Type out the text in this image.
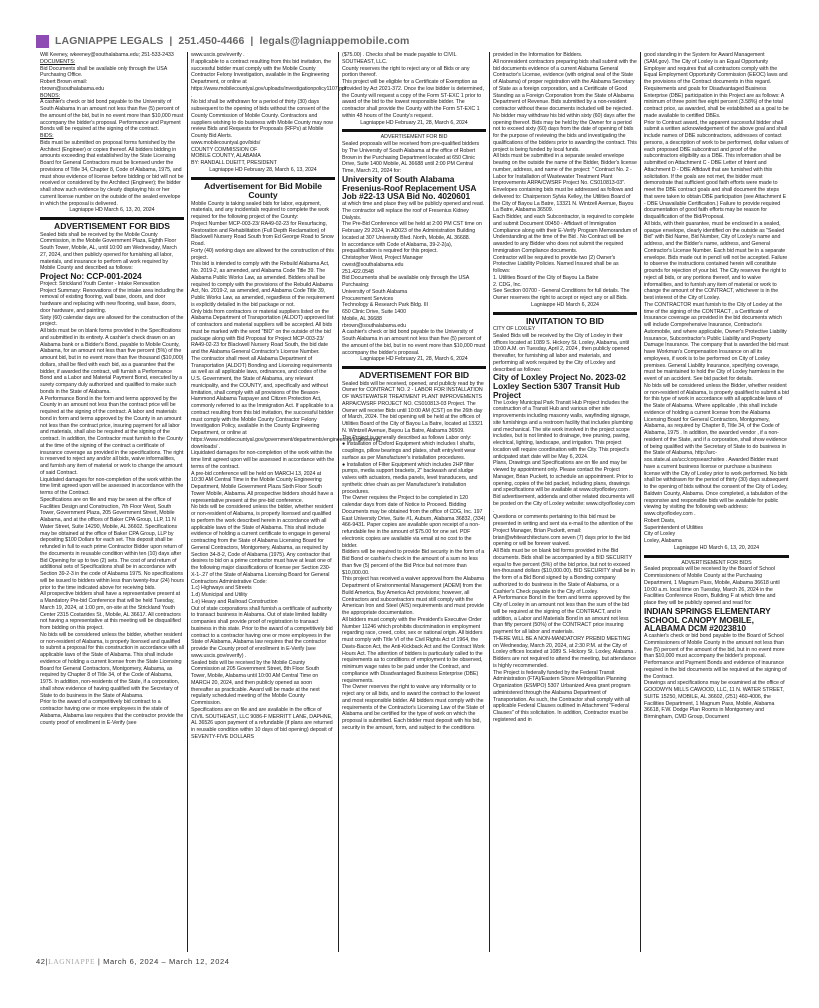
LAGNIAPPE LEGALS | 251.450-4466 | legals@lagniappemobile.com

Will Keeney, wkeeney@southalabama.edu; 251-533-2433

DOCUMENTS:

Bid Documents shall be available only through the USA Purchasing Office.

Robert Brown email:

rbrown@southalabama.edu

BONDS:

A cashier's check or bid bond payable to the University of South Alabama in an amount not less than five (5) percent of the amount of the bid, but in no event more than $10,000 must accompany the bidder's proposal. Performance and Payment Bonds will be required at the signing of the contract.

BIDS:

Bids must be submitted on proposal forms furnished by the Architect (Engineer) or copies thereof. All bidders bidding in amounts exceeding that established by the State Licensing Board for General Contractors must be licensed under the provisions of Title 34, Chapter 8, Code of Alabama, 1975, and must show evidence of license before bidding or bid will not be received or considered by the Architect (Engineer); the bidder shall show such evidence by clearly displaying his or her current license number on the outside of the sealed envelope in which the proposal is delivered.

Lagniappe HD March 6, 13, 20, 2024

ADVERTISEMENT FOR BIDS

Sealed bids shall be received by the Mobile County Commission, in the Mobile Government Plaza, Eighth Floor South Tower, Mobile, AL, until 10:00 am Wednesday, March 27, 2024, and then publicly opened for furnishing all labor, materials, and insurance to perform all work required by Mobile County and described as follows:

Project No: CCP-001-2024

Project: Strickland Youth Center - Intake Renovation

Project Summary: Renovations of the intake area including the removal of existing flooring, wall base, doors, and door hardware and replacing with new flooring, wall base, doors, door hardware, and painting.

Sixty (60) calendar days are allowed for the construction of the project.

All bids must be on blank forms provided in the Specifications and submitted in its entirety. A cashier's check drawn on an Alabama bank or a Bidder's Bond, payable to Mobile County, Alabama, for an amount not less than five percent (5%) of the amount bid, but in no event more than five thousand ($10,000) dollars, shall be filed with each bid, as a guarantee that the bidder, if awarded the contract, will furnish a Performance Bond and a Labor and Material Payment Bond, executed by a surety company duly authorized and qualified to make such bonds in the State of Alabama.

A Performance Bond in the form and terms approved by the County in an amount not less than the contract price will be required at the signing of the contract. A labor and materials bond in form and terms approved by the County in an amount not less than the contract price, insuring payment for all labor and materials, shall also be required at the signing of the contract. In addition, the Contractor must furnish to the County at the time of the signing of the contract a certificate of insurance coverage as provided in the specifications. The right is reserved to reject any and/or all bids, waive informalities, and furnish any item of material or work to change the amount of said Contract.

Liquidated damages for non-completion of the work within the time limit agreed upon will be assessed in accordance with the terms of the Contract.

Specifications are on file and may be seen at the office of Facilities Design and Construction, 7th Floor West, South Tower, Government Plaza, 205 Government Street, Mobile Alabama, and at the offices of Baker CPA Group, LLP, 11 N Water Street, Suite 14290, Mobile, AL 36602. Specifications may be obtained at the office of Baker CPA Group, LLP by depositing $100 Dollars for each set. This deposit shall be refunded in full to each prime Contractor Bidder upon return of the documents in reusable condition within ten (10) days after Bid Opening for up to two (2) sets. The cost of and return of additional sets of Specifications shall be in accordance with Section 39-2-3 in the code of Alabama 1975. No specifications will be issued to bidders within less than twenty-four (24) hours prior to the time indicated above for receiving bids.

All prospective bidders shall have a representative present at a Mandatory Pre-bid Conference that will be held Tuesday, March 19, 2024, at 1:00 pm, on-site at the Strickland Youth Center 2315 Costarides St., Mobile, AL 36617. All contractors not having a representative at this meeting will be disqualified from bidding on this project.

No bids will be considered unless the bidder, whether resident or non-resident of Alabama, is properly licensed and qualified to submit a proposal for this construction in accordance with all applicable laws of the State of Alabama. This shall include evidence of holding a current license from the State Licensing Board for General Contractors, Montgomery, Alabama, as required by Chapter 8 of Title 34, of the Code of Alabama, 1975. In addition, non-residents of the State, if a corporation, shall show evidence of having qualified with the Secretary of State to do business in the State of Alabama.

Prior to the award of a competitively bid contract to a contractor having one or more employees in the state of Alabama, Alabama law requires that the contractor provide the county proof of enrollment in E-Verify (see

www.uscis.gov/everify .

If applicable to a contract resulting from this bid invitation, the successful bidder must comply with the Mobile County Contractor Felony Investigation, available in the Engineering Department, or online at https://www.mobilecountyal.gov/uploads/investigationpolicy1107.pdf .

No bid shall be withdrawn for a period of thirty (30) days subsequent to the opening of bids without the consent of the County Commission of Mobile County. Contractors and suppliers wishing to do business with Mobile County may now review Bids and Requests for Proposals (RFPs) at Mobile County Bid Alerts.

www.mobilecountyal.gov/bids/

COUNTY COMMISSION OF

MOBILE COUNTY, ALABAMA

BY: RANDALL DUEITT, PRESIDENT

Lagniappe HD February 28, March 6, 13, 2024

Advertisement for Bid Mobile County

Mobile County is taking sealed bids for labor, equipment, materials, and any incidentals required to complete the work required for the following project of the County:

Project Number MCP-003-23/ RA49-02-23 for Resurfacing, Restoration and Rehabilitation (Full Depth Reclamation) of Blackwell Nursery Road South from Ed George Road to Snow Road.

Forty (40) working days are allowed for the construction of this project.

This bid is intended to comply with the Rebuild Alabama Act, No. 2019-2, as amended, and Alabama Code Title 39. The Alabama Public Works Law, as amended. Bidders shall be required to comply with the provisions of the Rebuild Alabama Act, No. 2019-2, as amended, and Alabama Code Title 39, Public Works Law, as amended, regardless of the requirement is explicitly detailed in the bid package or not.

Only bids from contractors or material suppliers listed on the Alabama Department of Transportation (ALDOT) approved list of contractors and material suppliers will be accepted. All bids must be marked with the word "BID" on the outside of the bid package along with Bid Proposal for Project MCP-003-23/ RA49-02-23 for Blackwell Nursery Road South, the bid date and the Alabama General Contractor's License Number.

The contractor shall meet all Alabama Department of Transportation (ALDOT) Bonding and Licensing requirements as well as all applicable laws, ordinances, and codes of the U.S. Government, the State of Alabama, any relevant municipality, and the COUNTY, and, specifically and without limitation, shall comply with all provisions of the Beason-Hammond Alabama Taxpayer and Citizen Protection Act, commonly referred to as the Immigration Act. If applicable to a contract resulting from this bid invitation, the successful bidder must comply with the Mobile County Contractor Felony Investigation Policy, available in the County Engineering Department, or online at https://www.mobilecountyal.gov/government/departments/engineering/engineering-downloads/ .

Liquidated damages for non-completion of the work within the time limit agreed upon will be assessed in accordance with the terms of the contract.

A pre-bid conference will be held on MARCH 13, 2024 at 10:30 AM Central Time in the Mobile County Engineering Department, Mobile Government Plaza Sixth Floor South Tower Mobile, Alabama. All prospective bidders should have a representative present at the pre-bid conference.

No bids will be considered unless the bidder, whether resident or non-resident of Alabama, is properly licensed and qualified to perform the work described herein in accordance with all applicable laws of the State of Alabama. This shall include evidence of holding a current certificate to engage in general contracting from the State of Alabama Licensing Board for General Contractors, Montgomery, Alabama, as required by Section 34-8-2, Code of Alabama (1975). Any contractor that desires to bid on a prime contractor must have at least one of the following major classifications of license per Section 230-X-1-.27 of the State of Alabama Licensing Board for General Contractors Administrative Code:

1.c) Highways and Streets

1.d) Municipal and Utility

1.e) Heavy and Railroad Construction

Out of state corporations shall furnish a certificate of authority to transact business in Alabama. Out of state limited liability companies shall provide proof of registration to transact business in this state. Prior to the award of a competitively bid contract to a contractor having one or more employees in the State of Alabama, Alabama law requires that the contractor provide the County proof of enrollment in E-Verify (see www.uscis.gov/everify) .

Sealed bids will be received by the Mobile County Commission at 205 Government Street, 8th Floor South Tower, Mobile, Alabama until 10:00 AM Central Time on MARCH 20, 2024, and then publicly opened as soon thereafter as practicable. Award will be made at the next regularly scheduled meeting of the Mobile County Commission.

Specifications are on file and are available in the office of CIVIL SOUTHEAST, LLC 9086-F MERRITT LANE, DAPHNE, AL 36526 upon payment of a refundable (if plans are returned in reusable condition within 10 days of bid opening) deposit of SEVENTY-FIVE DOLLARS

($75.00) . Checks shall be made payable to CIVIL SOUTHEAST, LLC.

County reserves the right to reject any or all Bids or any portion thereof.

This project will be eligible for a Certificate of Exemption as provided by Act 2021-372. Once the low bidder is determined, the County will request a copy of the Form ST-EXC 1 prior to award of the bid to the lowest responsible bidder. The contractor shall provide the County with the Form ST-EXC 1 within 48 hours of the County's request.

Lagniappe HD February 21, 28, March 6, 2024

ADVERTISEMENT FOR BID

Sealed proposals will be received from pre-qualified bidders by The University of South Alabama at the office of Robert Brown in the Purchasing Department located at 650 Clinic Drive, Suite 1400 Mobile, AL 36688 until 2:00 PM Central Time, March 21, 2024 for:

University of South Alabama Fresenius-Roof Replacement USA Job #22-13 USA Bid No. 4020601

at which time and place they will be publicly opened and read.

The contractor will replace the roof of Fresenius Kidney Dialysis.

The Pre-Bid Conference will be held at 2:00 PM CST time on February 29 2024, in AD023 of the Administration Building located at 307 University Blvd. North, Mobile, AL 36688.

In accordance with Code of Alabama, 39-2-2(a), prequalification is required for this project.

Christopher West, Project Manager

cwest@southalabama.edu

251.422.0548

Bid Documents shall be available only through the USA Purchasing:

University of South Alabama

Procurement Services

Technology & Research Park Bldg. III

650 Clinic Drive, Suite 1400

Mobile, AL 36688

rbrown@southalabama.edu

A cashier's check or bid bond payable to the University of South Alabama in an amount not less than five (5) percent of the amount of the bid, but in no event more than $10,000 must accompany the bidder's proposal.

Lagniappe HD February 21, 28, March 6, 2024

ADVERTISEMENT FOR BID

Sealed bids will be received, opened, and publicly read by the Owner for CONTRACT NO. 2 - LABOR FOR INSTALLATION OF WASTEWATER TREATMENT PLANT IMPROVEMENTS ARPA/CWSRF PROJECT NO. CS010813-03 Project. The Owner will receive Bids until 10:00 AM (CST) on the 26th day of March, 2024. The bid opening will be held at the offices of Utilities Board of the City of Bayou La Batre, located at 13321 N. Wintzell Avenue, Bayou La Batre, Alabama 36509.

The Project is generally described as follows Labor only:

● Installation of Oxford Equipment which includes I shafts, couplings, pillow bearings and plates, shaft entry/exit wear surface as per Manufacturer's installation procedures.

● Installation of Filter Equipment which includes 2HP filter pumps, media support brackets, 2" backwash and sludge valves with actuators, media panels, level transducers, and synthetic drive chain as per Manufacturer's installation procedures.

The Owner requires the Project to be completed in 120 calendar days from date of Notice to Proceed. Bidding Documents may be obtained from the office of CDG, Inc. 197 East University Drive, Suite #1, Auburn, Alabama 36832, (334) 466-9431. Paper copies are available upon receipt of a non-refundable fee in the amount of $75.00 for one set. PDF electronic copies are available via email at no cost to the bidder.

Bidders will be required to provide Bid security in the form of a Bid Bond or cashier's check in the amount of a sum no less than five (5) percent of the Bid Price but not more than $10,000.00.

This project has received a waiver approval from the Alabama Department of Environmental Management (ADEM) from the Build America, Buy America Act provisions; however, all Contractors and subcontractors must still comply with the American Iron and Steel (AIS) requirements and must provide the appropriate documentation.

All bidders must comply with the President's Executive Order Number 11246 which prohibits discrimination in employment regarding race, creed, color, sex or national origin. All bidders must comply with Title VI of the Civil Rights Act of 1964, the Davis-Bacon Act, the Anti-Kickback Act and the Contract Work Hours Act. The attention of bidders is particularly called to the requirements as to conditions of employment to be observed, minimum wage rates to be paid under the Contract, and compliance with Disadvantaged Business Enterprise (DBE) requirements.

The Owner reserves the right to waive any informality or to reject any or all bids, and to award the contract to the lowest and most responsible bidder. All bidders must comply with the requirements of the Contractor's Licensing Law of the State of Alabama and be certified for the type of work on which the proposal is submitted. Each bidder must deposit with his bid, security in the amount, form, and subject to the conditions

provided in the Information for Bidders.

All nonresident contractors preparing bids shall submit with the bid documents evidence of a current Alabama General Contractor's License, evidence (with original seal of the State of Alabama) of proper registration with the Alabama Secretary of State as a foreign corporation, and a Certificate of Good Standing as a Foreign Corporation from the State of Alabama Department of Revenue. Bids submitted by a non-resident contractor without these documents included will be rejected.

No bidder may withdraw his bid within sixty (60) days after the opening thereof. Bids may be held by the Owner for a period not to exceed sixty (60) days from the date of opening of bids for the purpose of reviewing the bids and investigating the qualifications of the bidders prior to awarding the contract. This project is being funded by local funds.

All bids must be submitted in a separate sealed envelope bearing on the outside the name of the Bidder, Bidder's license number, address, and name of the project: " Contract No. 2 - Labor for Installation of Wastewater Treatment Plant Improvements ARPA/CWSRF Project No. CS010813-03". Envelopes containing bids must be addressed as follows and delivered to: Chairperson Sylvia Kelley, the Utilities Board of the City of Bayou La Batre, 13321 N. Wintzell Avenue, Bayou La Batre, Alabama 36509.

Each Bidder, and each Subcontractor, is required to complete and submit Document 00450 - Affidavit of Immigration Compliance along with their E-Verify Program Memorandum of Understanding at the time of the Bid . No Contract will be awarded to any Bidder who does not submit the required Immigration Compliance documents.

Contractor will be required to provide two (2) Owner's Protective Liability Policies. Named Insured shall be as follows:

1. Utilities Board of the City of Bayou La Batre

2. CDG, Inc.

See Section 00700 - General Conditions for full details. The Owner reserves the right to accept or reject any or all Bids.

Lagniappe HD March 6, 2024

INVITATION TO BID

CITY OF LOXLEY

Sealed Bids will be received by the City of Loxley in their offices located at 1089 S. Hickory St. Loxley, Alabama, until 10:00 A.M. on Tuesday, April 2, 2024 , then publicly opened thereafter, for furnishing all labor and materials, and performing all work required by the City of Loxley and described as follows:

City of Loxley Project No. 2023-02 Loxley Section 5307 Transit Hub Project

The Loxley Municipal Park Transit Hub Project includes the construction of a Transit Hub and various other site improvements including masonry walls, wayfinding signage, site furnishings and a restroom facility that includes plumbing and mechanical. The site work involved in the project scope includes, but is not limited to drainage, tree pruning, paving, electrical, lighting, landscape, and irrigation. This project location will require coordination with the City. This project's anticipated start date will be May 6, 2024.

Plans, Drawings and Specifications are on file and may be viewed by appointment only. Please contact the Project Manager, Brian Puckett, to schedule an appointment. Prior to opening, copies of the bid packet, including plans, drawings and specifications will be available at www.cityofloxley.com . Bid advertisement, addenda and other related documents will be posted on the City of Loxley website: www.cityofloxley.com .

Questions or comments pertaining to this bid must be presented in writing and sent via e-mail to the attention of the Project Manager, Brian Puckett, email: brian@whitearchitecture.com seven (7) days prior to the bid opening or will be forever waived.

All Bids must be on blank bid forms provided in the Bid documents. Bids shall be accompanied by a BID SECURITY equal to five percent (5%) of the bid price, but not to exceed ten-thousand dollars ($10,000.00). BID SECURITY shall be in the form of a Bid Bond signed by a Bonding company authorized to do business in the State of Alabama, or a Cashier's Check payable to the City of Loxley.

A Performance Bond in the form and terms approved by the City of Loxley in an amount not less than the sum of the bid will be required at the signing of the CONTRACT, and in addition, a Labor and Materials Bond in an amount not less than fifty percent (50%) of the CONTRACT price insuring payment for all labor and materials.

THERE WILL BE A NON-MANDATORY PREBID MEETING on Wednesday, March 20, 2024, at 2:30 P.M. at the City of Loxley offices located at 1089 S. Hickory St. Loxley, Alabama . Bidders are not required to attend the meeting, but attendance is highly recommended.

The Project is federally funded by the Federal Transit Administration (FTA)/Eastern Shore Metropolitan Planning Organization (ESMPO) 5307 Urbanized Area grant program administered through the Alabama Department of Transportation. As such, the Contractor shall comply with all applicable Federal Clauses outlined in Attachment "Federal Clauses" of this solicitation. In addition, Contractor must be registered and in

good standing in the System for Award Management (SAM.gov). The City of Loxley is an Equal Opportunity Employer and requires that all contractors comply with the Equal Employment Opportunity Commission (EEOC) laws and the provisions of the Contract documents in this regard.

Requirements and goals for Disadvantaged Business Enterprise (DBE) participation in this Project are as follows: A minimum of three point five eight percent (3.58%) of the total contract price, as awarded, shall be established as a goal to be made available to certified DBEs.

Prior to Contract award, the apparent successful bidder shall submit a written acknowledgement of the above goal and shall include names of DBE subcontractors, addresses of contact persons, a description of work to be performed, dollar values of each proposed DBE subcontract and proof of the subcontractors eligibility as a DBE. This information shall be submitted on Attachment C - DBE Letter of Intent and Attachment D - DBE Affidavit that are furnished with this solicitation. If the goals are not met, the bidder must demonstrate that sufficient good faith efforts were made to meet the DBE contract goals and shall document the steps that were taken to obtain DBE participation (see Attachment E - DBE Unavailable Certification.) Failure to provide required documentation of good faith efforts may be reason for disqualification of the Bid/Proposal.

All bids, with their guarantee, must be enclosed in a sealed, opaque envelope, clearly identified on the outside as "Sealed Bid" with Bid Name, Bid Number, City of Loxley's name and address, and the Bidder's name, address, and General Contractor's License Number. Each bid must be in a separate envelope. Bids made out in pencil will not be accepted. Failure to observe the instructions contained herein will constitute grounds for rejection of your bid. The City reserves the right to reject all bids, or any portions thereof, and to waive informalities, and to furnish any item of material or work to change the amount of the CONTRACT, whichever is in the best interest of the City of Loxley.

The CONTRACTOR must furnish to the City of Loxley at the time of the signing of the CONTRACT , a Certificate of Insurance coverage as provided in the bid documents which will include Comprehensive Insurance, Contractor's Automobile, and where applicable, Owner's Protective Liability Insurance, Subcontractor's Public Liability and Property Damage Insurance. The company that is awarded the bid must have Workman's Compensation Insurance on all its employees, if work is to be performed on City of Loxley premises. General Liability Insurance, specifying coverage, must be maintained to hold the City of Loxley harmless in the event of an accident. See bid packet for details.

No bids will be considered unless the Bidder, whether resident or non-resident of Alabama, is properly qualified to submit a bid for this type of work in accordance with all applicable laws of the State of Alabama. Where applicable , this shall include evidence of holding a current license from the Alabama Licensing Board for General Contractors, Montgomery, Alabama, as required by Chapter 8, Title 34, of the Code of Alabama, 1975 . In addition, the awarded vendor , if a non-resident of the State, and if a corporation, shall show evidence of being qualified with the Secretary of State to do business in the State of Alabama, http://arc-sos.state.al.us/ucc/corpsearchsites . Awarded Bidder must have a current business license or purchase a business license with the City of Loxley prior to work performed. No bids shall be withdrawn for the period of thirty (30) days subsequent to the opening of bids without the consent of the City of Loxley, Baldwin County, Alabama. Once completed, a tabulation of the responsive and responsible bids will be available for public viewing by visiting the following web address: www.cityofloxley.com .

Robert Davis,

Superintendent of Utilities

City of Loxley

Loxley, Alabama

Lagniappe HD March 6, 13, 20, 2024

ADVERTISEMENT FOR BIDS

Sealed proposals will be received by the Board of School Commissioners of Mobile County at the Purchasing Department, 1 Magnum Pass, Mobile, Alabama 36618 until 10:00 a.m. local time on Tuesday, March 26, 2024 in the Facilities Conference Room, Building F at which time and place they will be publicly opened and read for:

INDIAN SPRINGS ELEMENTARY SCHOOL CANOPY MOBILE, ALABAMA DCM #2023810

A cashier's check or bid bond payable to the Board of School Commissioners of Mobile County in the amount not less than five (5) percent of the amount of the bid, but in no event more than $10,000 must accompany the bidder's proposal. Performance and Payment Bonds and evidence of insurance required in the bid documents will be required at the signing of the Contract.

Drawings and specifications may be examined at the office of GOODWYN MILLS CAWOOD, LLC, 11 N. WATER STREET, SUITE 15250, MOBILE, AL 36602, (251) 460-4006, the Facilities Department, 1 Magnum Pass, Mobile, Alabama 36618, F.W. Dodge Plan Rooms in Montgomery and Birmingham, CMD Group, Document

42|LAGNIAPPE | March 6, 2024 – March 12, 2024
